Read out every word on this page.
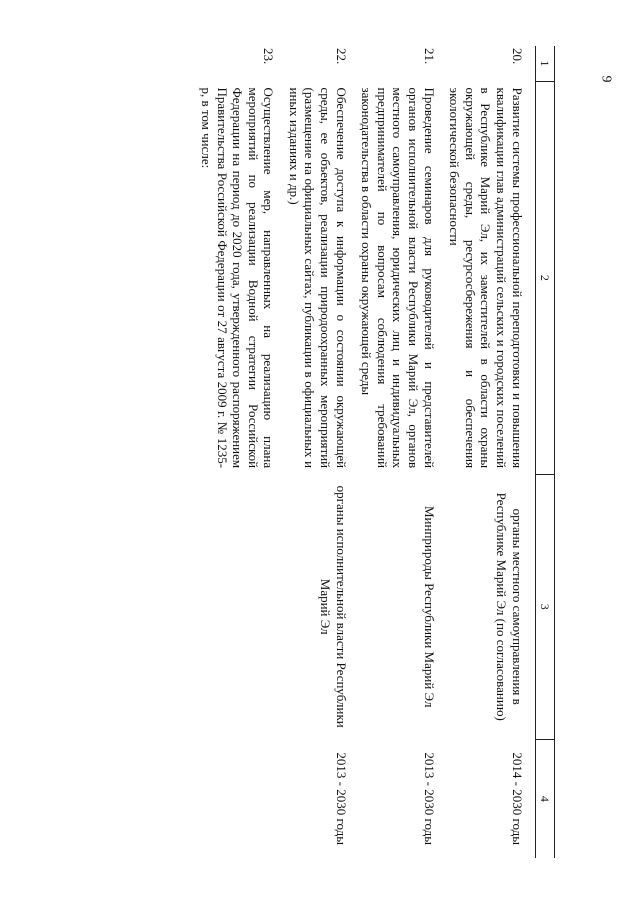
9
1	2	3	4

20.	Развитие системы профессиональной переподготовки и повышения квалификации глав администраций сельских и городских поселений в Республике Марий Эл, их заместителей в области охраны окружающей среды, ресурсосбережения и обеспечения экологической безопасности	органы местного самоуправления в Республике Марий Эл (по согласованию)	2014 - 2030 годы

21.	Проведение семинаров для руководителей и представителей органов исполнительной власти Республики Марий Эл, органов местного самоуправления, юридических лиц и индивидуальных предпринимателей по вопросам соблюдения требований законодательства в области охраны окружающей среды	Минприроды Республики Марий Эл	2013 - 2030 годы

22.	Обеспечение доступа к информации о состоянии окружающей среды, ее объектов, реализации природоохранных мероприятий (размещение на официальных сайтах, публикации в официальных и иных изданиях и др.)	органы исполнительной власти Республики Марий Эл	2013 - 2030 годы

23.	Осуществление мер, направленных на реализацию плана мероприятий по реализации Водной стратегии Российской Федерации на период до 2020 года, утвержденного распоряжением Правительства Российской Федерации от 27 августа 2009 г. № 1235-р, в том числе:		
